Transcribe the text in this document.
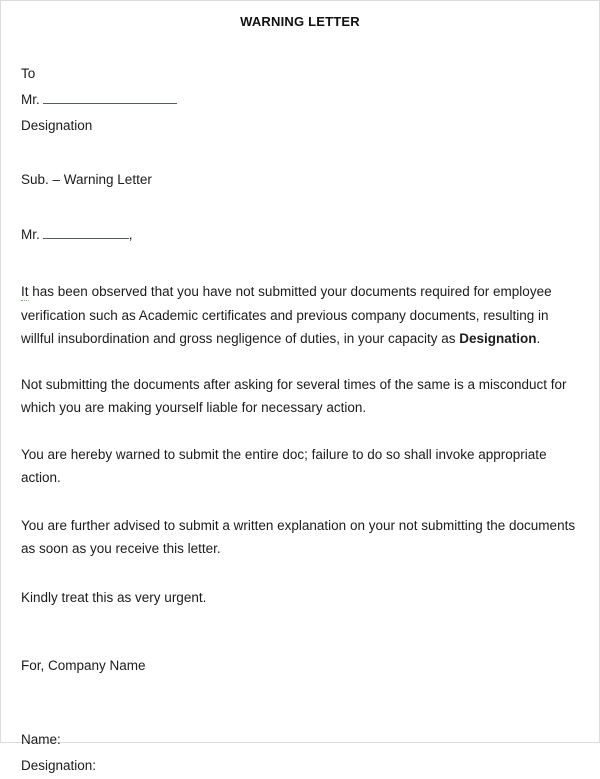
WARNING LETTER
To
Mr.
Designation
Sub. – Warning Letter
Mr.	,

It has been observed that you have not submitted your documents required for employee verification such as Academic certificates and previous company documents, resulting in willful insubordination and gross negligence of duties, in your capacity as Designation.

Not submitting the documents after asking for several times of the same is a misconduct for which you are making yourself liable for necessary action.

You are hereby warned to submit the entire doc; failure to do so shall invoke appropriate action.

You are further advised to submit a written explanation on your not submitting the documents as soon as you receive this letter.

Kindly treat this as very urgent.

For, Company Name
Name:
Designation:
